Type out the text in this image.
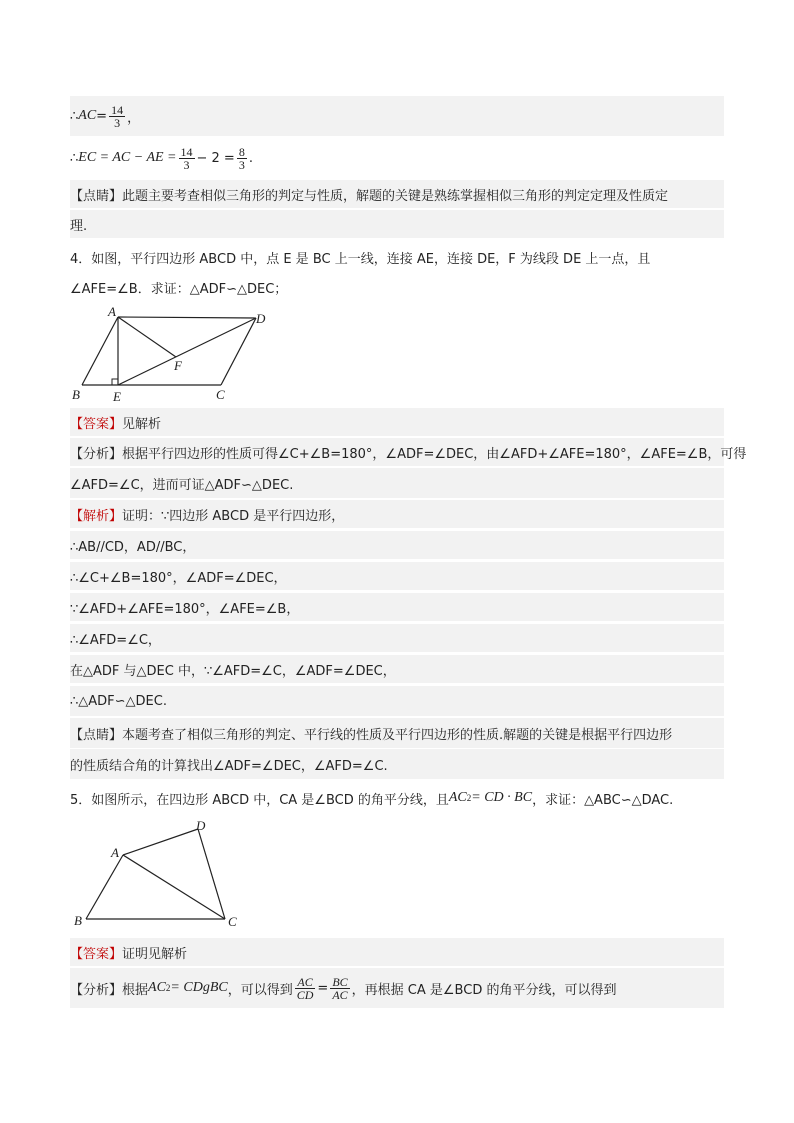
∴ AC = $\frac{14}{3}$ ，
∴ EC = AC − AE = $\frac{14}{3} - 2 = \frac{8}{3}$ .
【点睛】 此题主要考查相似三角形的判定与性质，解题的关键是熟练掌握相似三角形的判定定理及性质定
理.
4．如图，平行四边形 ABCD 中，点 E 是 BC 上一线，连接 AE，连接 DE，F 为线段 DE 上一点，且
∠AFE=∠B．求证：△ADF∽△DEC；
A
B	C
D
E
F
【答案】 见解析
【分析】 根据平行四边形的性质可得∠C+∠B=180°，∠ADF=∠DEC，由∠AFD+∠AFE=180°，∠AFE=∠B，可得
∠AFD=∠C，进而可证△ADF∽△DEC.
【解析】 证明：∵四边形 ABCD 是平行四边形，
∴AB//CD，AD//BC，
∴∠C+∠B=180°，∠ADF=∠DEC，
∵∠AFD+∠AFE=180°，∠AFE=∠B，
∴∠AFD=∠C，
在△ADF 与△DEC 中，∵∠AFD=∠C，∠ADF=∠DEC，
∴△ADF∽△DEC.
【点睛】 本题考查了相似三角形的判定、平行线的性质及平行四边形的性质.解题的关键是根据平行四边形
的性质结合角的计算找出∠ADF=∠DEC，∠AFD=∠C.
5．如图所示，在四边形 ABCD 中，CA 是∠BCD 的角平分线，且 AC 2 = CD · BC ，求证：△ABC∽△DAC.
A
B	C
D
【答案】 证明见解析
【分析】 根据 AC 2 = CDgBC ，可以得到 $\frac{AC}{CD} = \frac{BC}{AC}$ ，再根据 CA 是∠BCD 的角平分线，可以得到
